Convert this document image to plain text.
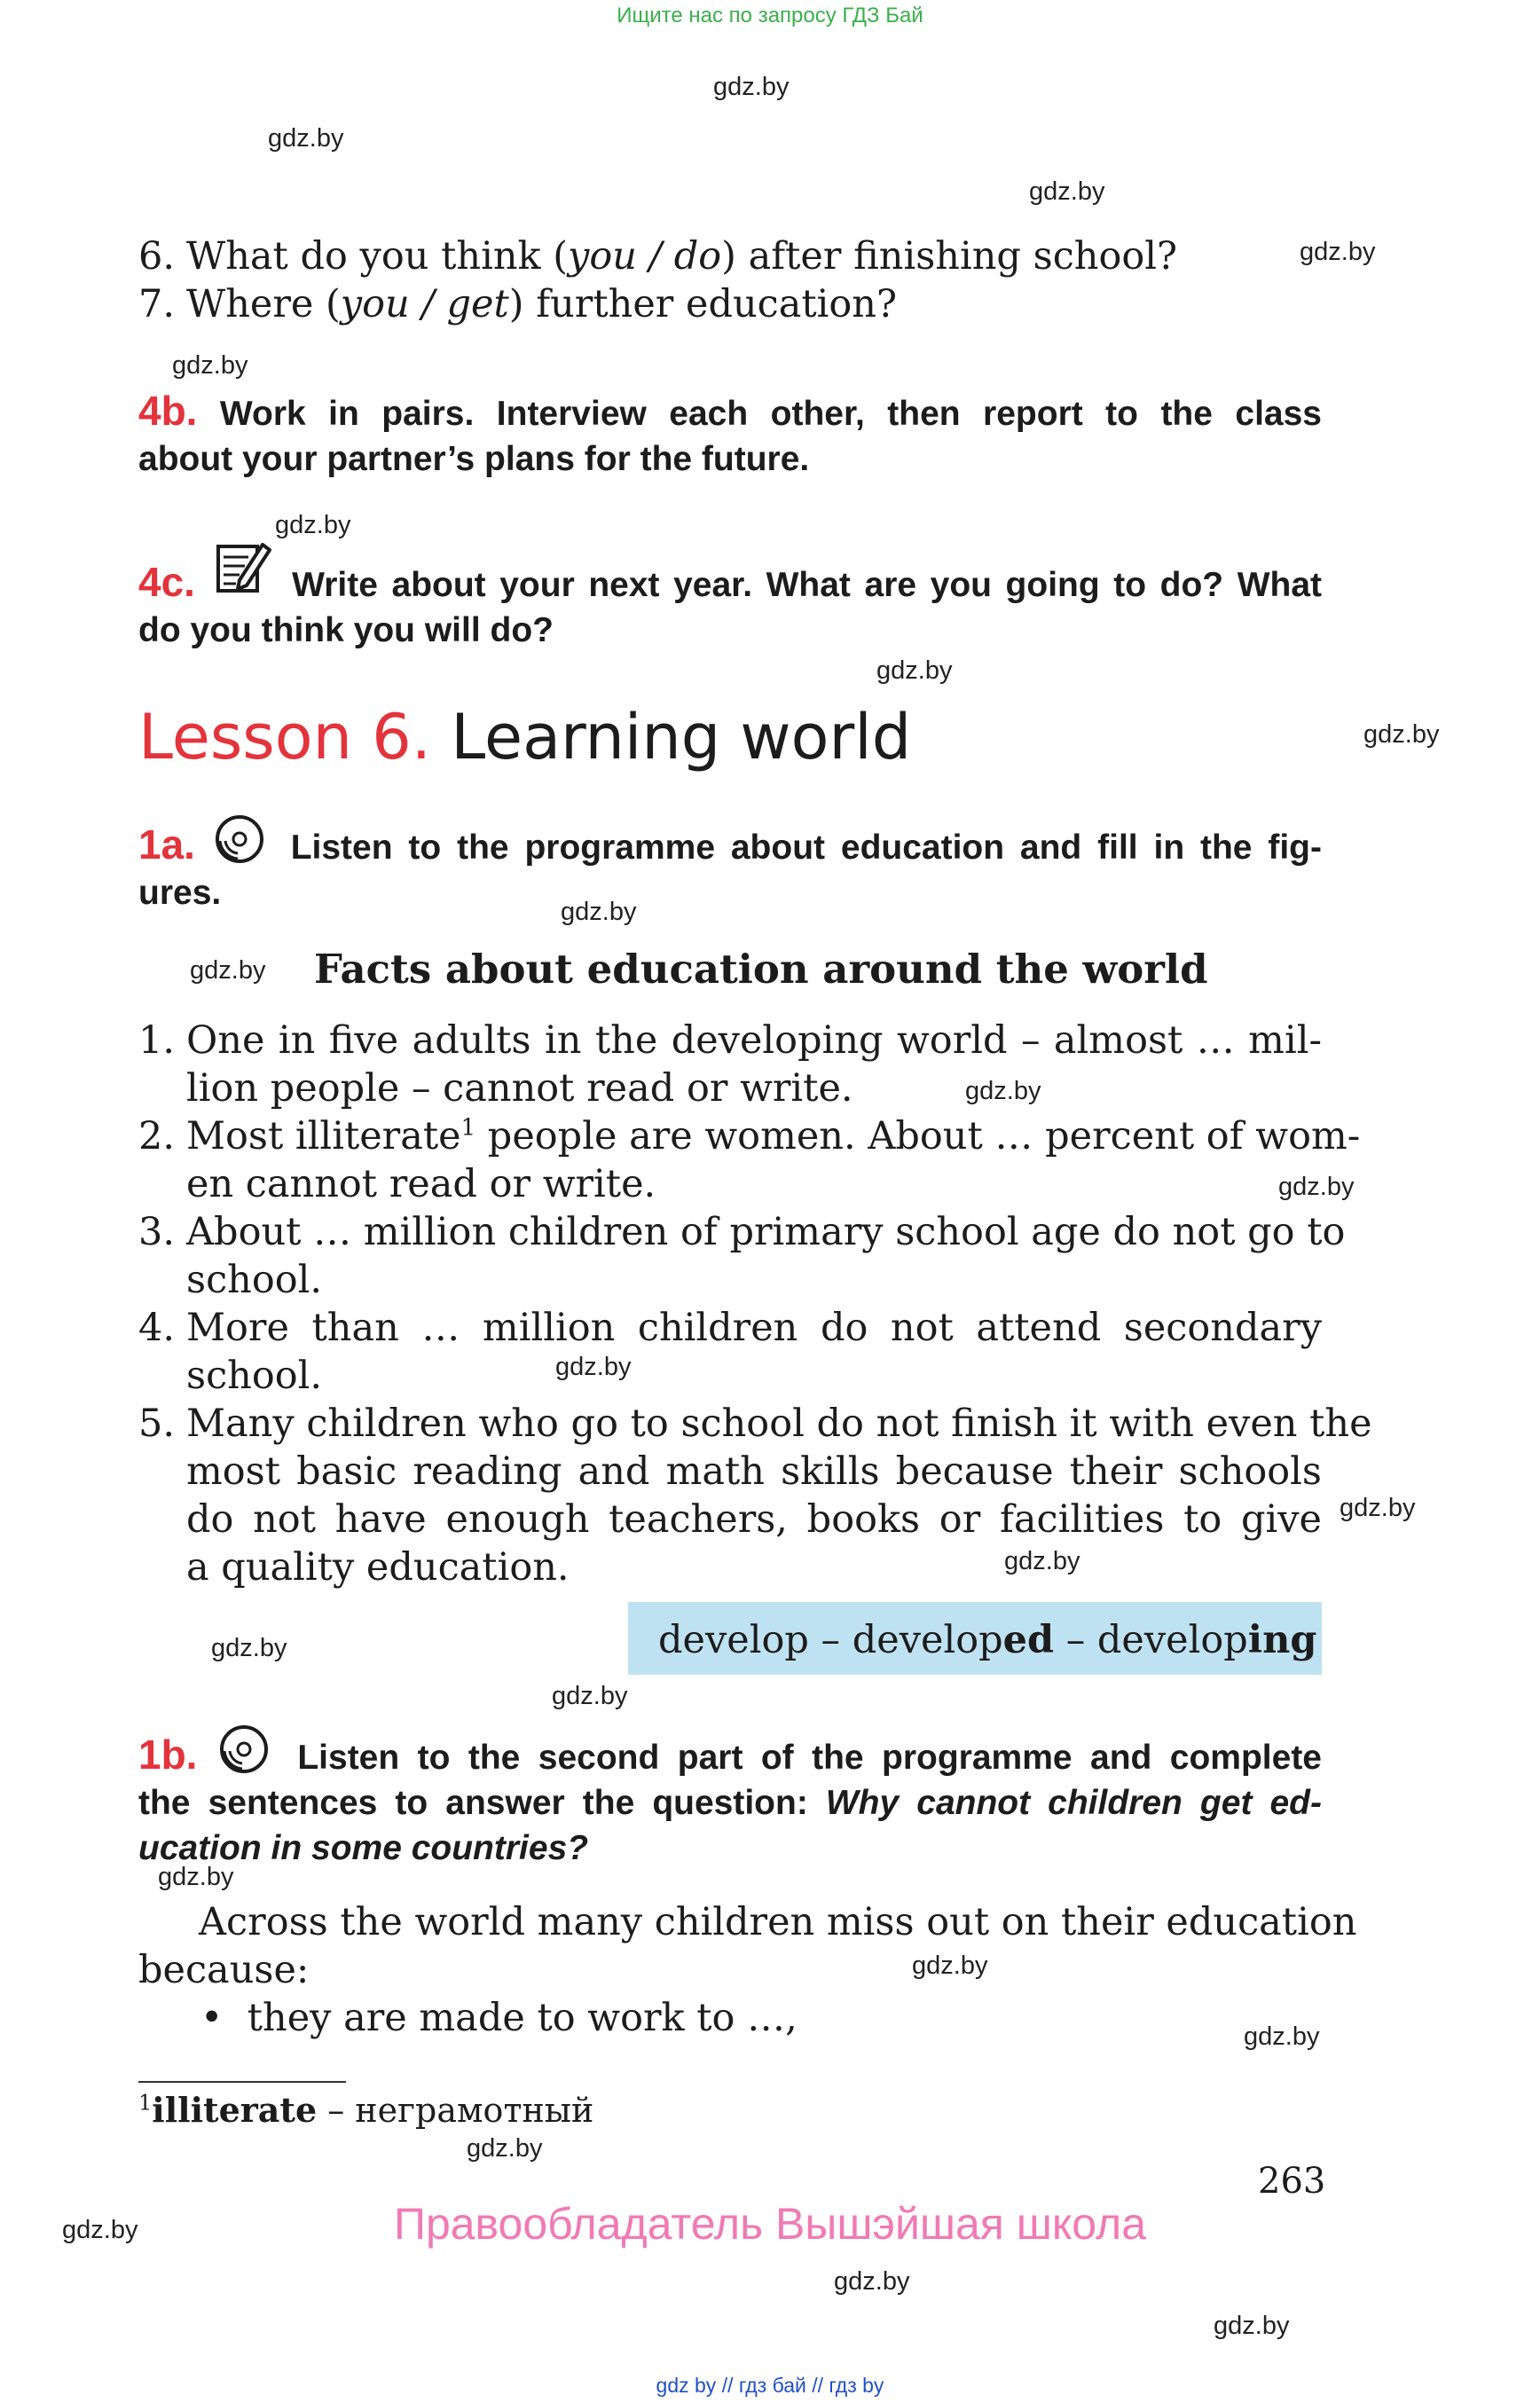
Ищите нас по запросу ГДЗ Бай
gdz.by
gdz.by
gdz.by
gdz.by
gdz.by
gdz.by
gdz.by
gdz.by
gdz.by
gdz.by
gdz.by
gdz.by
gdz.by
gdz.by
gdz.by
gdz.by
gdz.by
gdz.by
gdz.by
gdz.by
gdz.by
gdz.by
gdz.by
gdz.by
6. What do you think (you / do) after finishing school?
7. Where (you / get) further education?
4b. Work in pairs. Interview each other, then report to the class
about your partner’s plans for the future.
4c.	Write about your next year. What are you going to do? What
do you think you will do?
Lesson 6. Learning world
1a.	Listen to the programme about education and fill in the fig-
ures.
Facts about education around the world
1. One in five adults in the developing world – almost … mil-
lion people – cannot read or write.
2. Most illiterate$^1$ people are women. About … percent of wom-
en cannot read or write.
3. About … million children of primary school age do not go to
school.
4. More than … million children do not attend secondary
school.
5. Many children who go to school do not finish it with even the
most basic reading and math skills because their schools
do not have enough teachers, books or facilities to give
a quality education.
develop – developed – developing
1b.	Listen to the second part of the programme and complete
the sentences to answer the question: Why cannot children get ed-
ucation in some countries?
Across the world many children miss out on their education
because:
• they are made to work to …,
$^1$illiterate – неграмотный
263
Правообладатель Вышэйшая школа
gdz by // гдз бай // гдз by
